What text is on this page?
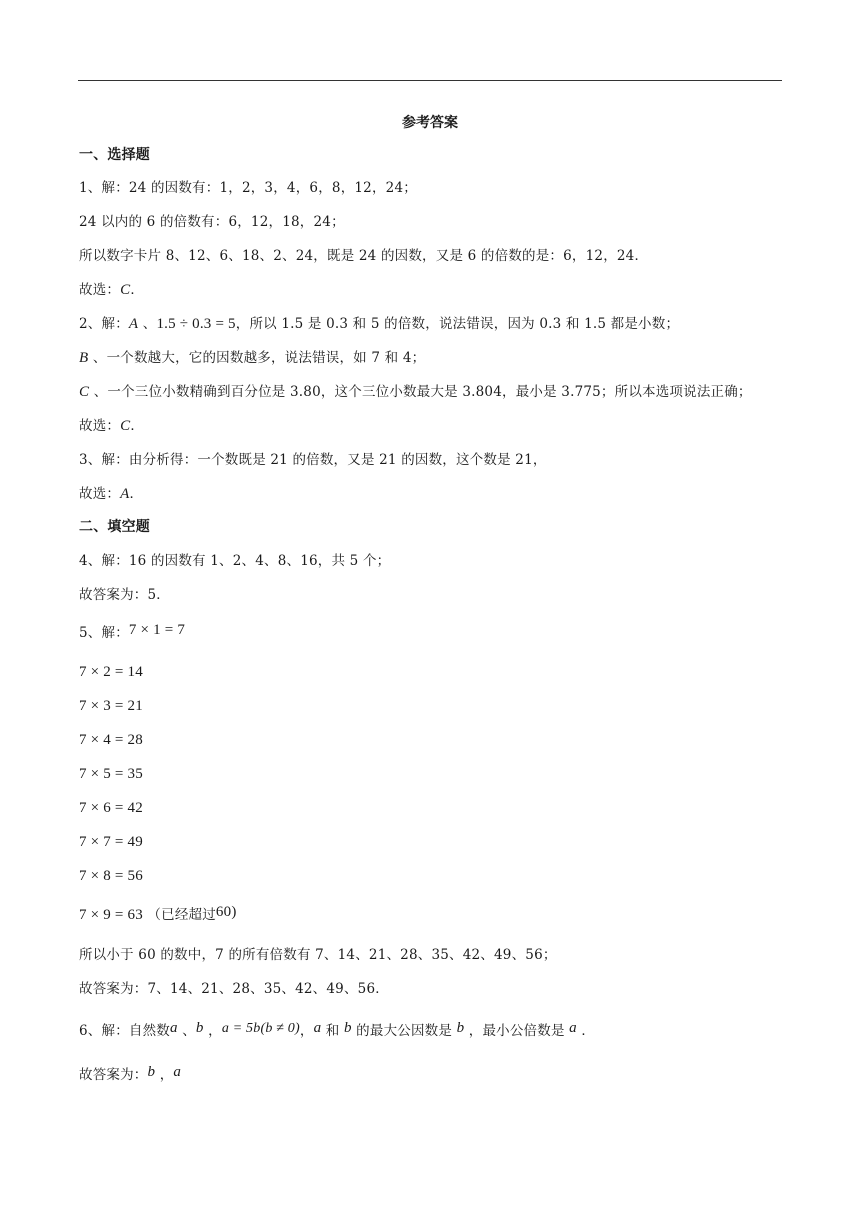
参考答案
一、选择题
1、解：24 的因数有：1，2，3，4，6，8，12，24；
24 以内的 6 的倍数有：6，12，18，24；
所以数字卡片 8、12、6、18、2、24，既是 24 的因数，又是 6 的倍数的是：6，12，24．
故选：C．
2、解：A 、1.5 ÷ 0.3 = 5，所以 1.5 是 0.3 和 5 的倍数，说法错误，因为 0.3 和 1.5 都是小数；
B 、一个数越大，它的因数越多，说法错误，如 7 和 4；
C 、一个三位小数精确到百分位是 3.80，这个三位小数最大是 3.804，最小是 3.775；所以本选项说法正确；
故选：C．
3、解：由分析得：一个数既是 21 的倍数，又是 21 的因数，这个数是 21，
故选：A．
二、填空题
4、解：16 的因数有 1、2、4、8、16，共 5 个；
故答案为：5．
5、解：7 × 1 = 7
7 × 2 = 14
7 × 3 = 21
7 × 4 = 28
7 × 5 = 35
7 × 6 = 42
7 × 7 = 49
7 × 8 = 56
7 × 9 = 63 （已经超过60)
所以小于 60 的数中，7 的所有倍数有 7、14、21、28、35、42、49、56；
故答案为：7、14、21、28、35、42、49、56．
6、解：自然数a 、b ，a = 5b(b ≠ 0)，a 和 b 的最大公因数是 b ，最小公倍数是 a ．
故答案为：b ，a
